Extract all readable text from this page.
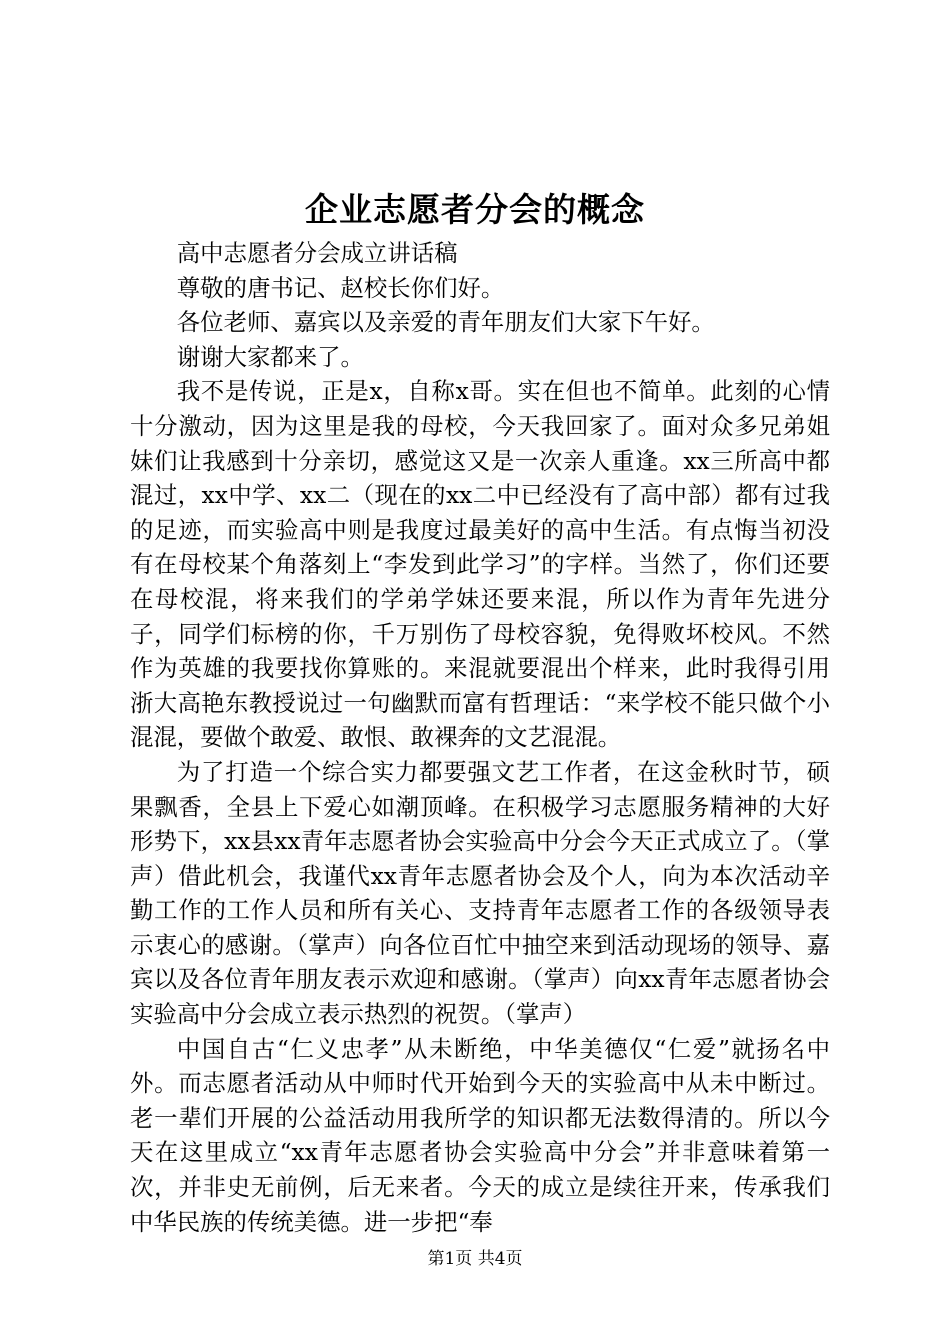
企业志愿者分会的概念

高中志愿者分会成立讲话稿

尊敬的唐书记、赵校长你们好。

各位老师、嘉宾以及亲爱的青年朋友们大家下午好。

谢谢大家都来了。

我不是传说，正是x，自称x哥。实在但也不简单。此刻的心情十分激动，因为这里是我的母校，今天我回家了。面对众多兄弟姐妹们让我感到十分亲切，感觉这又是一次亲人重逢。xx三所高中都混过，xx中学、xx二（现在的xx二中已经没有了高中部）都有过我的足迹，而实验高中则是我度过最美好的高中生活。有点悔当初没有在母校某个角落刻上“李发到此学习”的字样。当然了，你们还要在母校混，将来我们的学弟学妹还要来混，所以作为青年先进分子，同学们标榜的你，千万别伤了母校容貌，免得败坏校风。不然作为英雄的我要找你算账的。来混就要混出个样来，此时我得引用浙大高艳东教授说过一句幽默而富有哲理话：“来学校不能只做个小混混，要做个敢爱、敢恨、敢裸奔的文艺混混。

为了打造一个综合实力都要强文艺工作者，在这金秋时节，硕果飘香，全县上下爱心如潮顶峰。在积极学习志愿服务精神的大好形势下，xx县xx青年志愿者协会实验高中分会今天正式成立了。（掌声）借此机会，我谨代xx青年志愿者协会及个人，向为本次活动辛勤工作的工作人员和所有关心、支持青年志愿者工作的各级领导表示衷心的感谢。（掌声）向各位百忙中抽空来到活动现场的领导、嘉宾以及各位青年朋友表示欢迎和感谢。（掌声）向xx青年志愿者协会实验高中分会成立表示热烈的祝贺。（掌声）

中国自古“仁义忠孝”从未断绝，中华美德仅“仁爱”就扬名中外。而志愿者活动从中师时代开始到今天的实验高中从未中断过。老一辈们开展的公益活动用我所学的知识都无法数得清的。所以今天在这里成立“xx青年志愿者协会实验高中分会”并非意味着第一次，并非史无前例，后无来者。今天的成立是续往开来，传承我们中华民族的传统美德。进一步把“奉

第1页 共4页
